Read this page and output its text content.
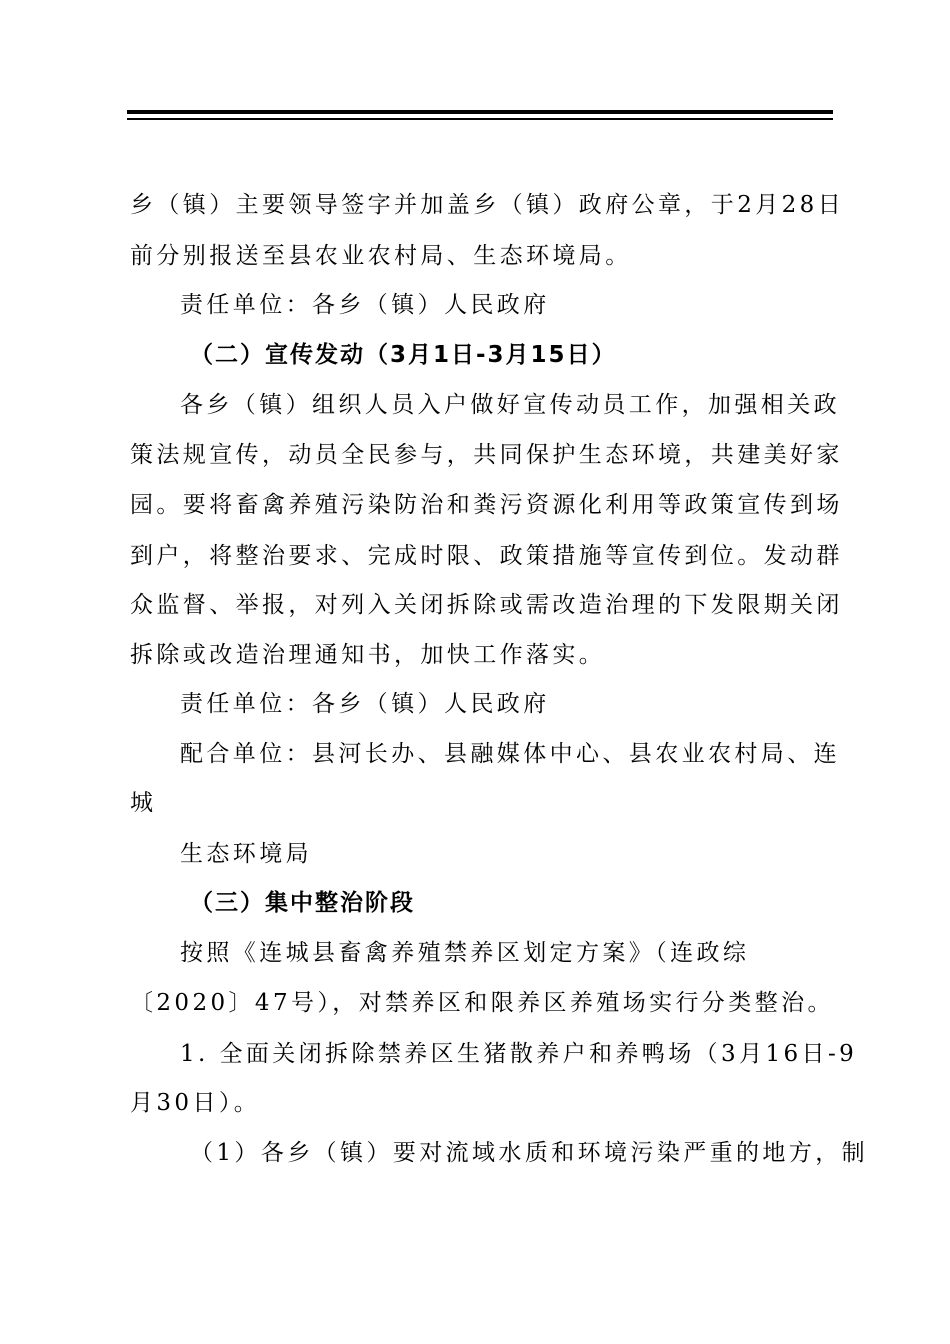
乡（镇）主要领导签字并加盖乡（镇）政府公章，于2月28日
前分别报送至县农业农村局、生态环境局。
责任单位：各乡（镇）人民政府
（二）宣传发动（3月1日-3月15日）
各乡（镇）组织人员入户做好宣传动员工作，加强相关政
策法规宣传，动员全民参与，共同保护生态环境，共建美好家
园。要将畜禽养殖污染防治和粪污资源化利用等政策宣传到场
到户，将整治要求、完成时限、政策措施等宣传到位。发动群
众监督、举报，对列入关闭拆除或需改造治理的下发限期关闭
拆除或改造治理通知书，加快工作落实。
责任单位：各乡（镇）人民政府
配合单位：县河长办、县融媒体中心、县农业农村局、连
城
生态环境局
（三）集中整治阶段
按照《连城县畜禽养殖禁养区划定方案》（连政综
〔2020〕47号），对禁养区和限养区养殖场实行分类整治。
1. 全面关闭拆除禁养区生猪散养户和养鸭场（3月16日-9
月30日）。
（1）各乡（镇）要对流域水质和环境污染严重的地方，制
